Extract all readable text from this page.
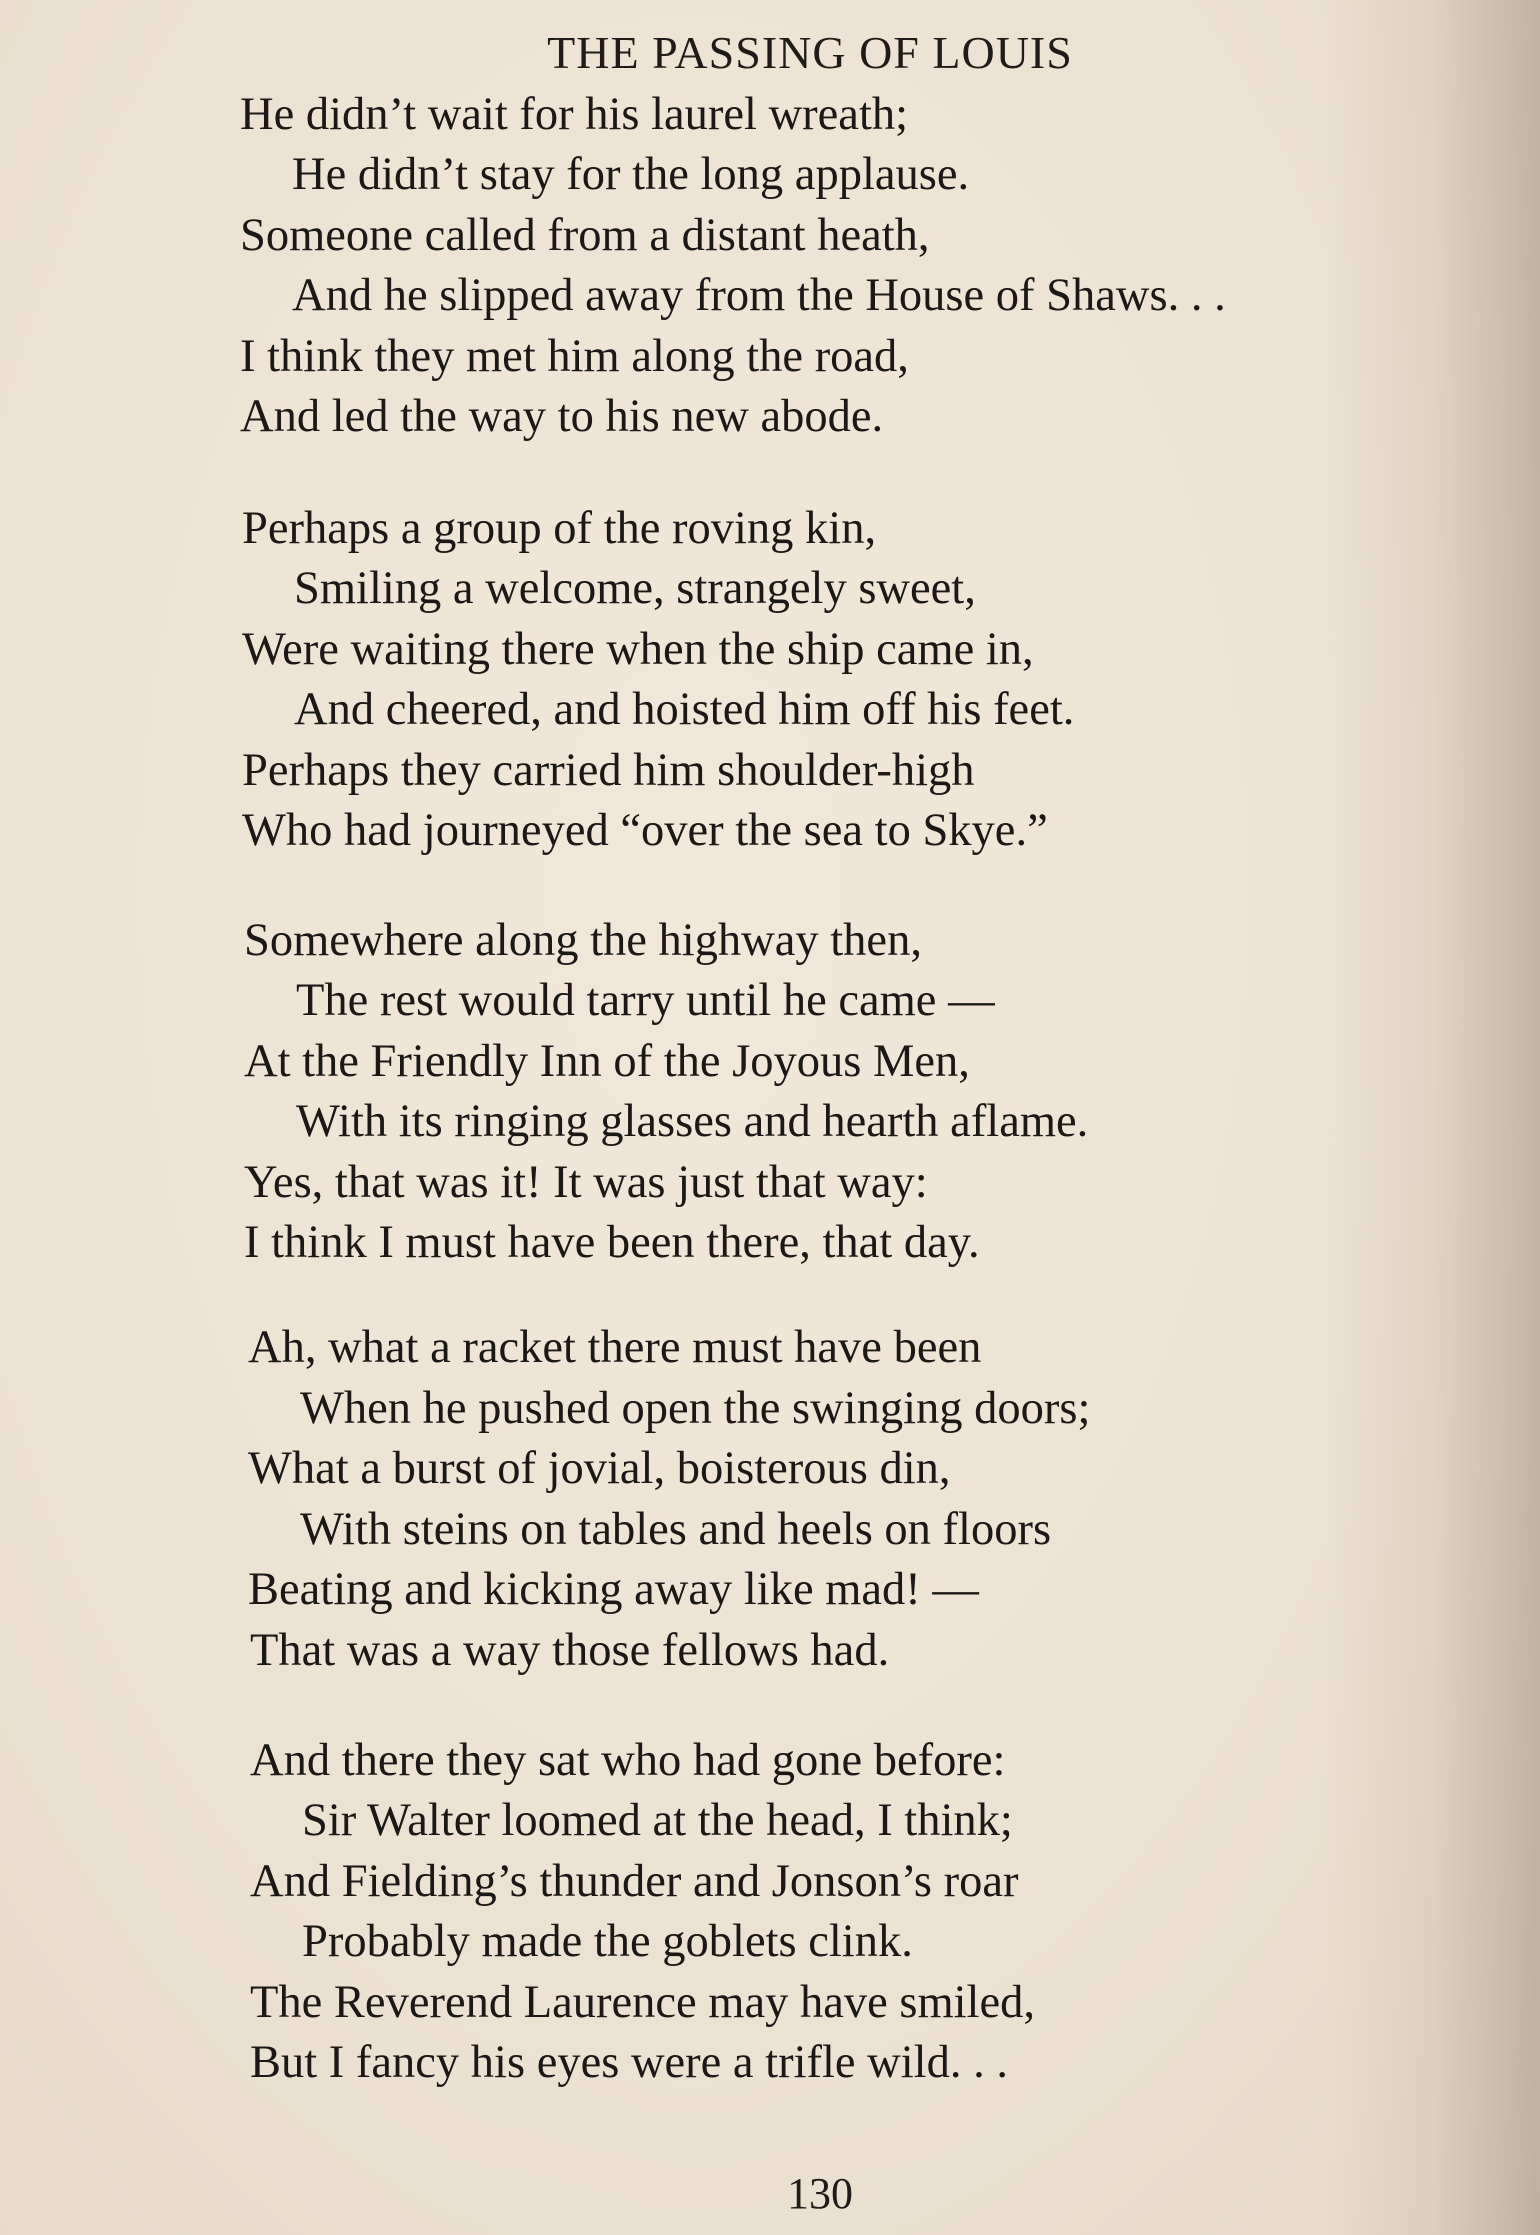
THE PASSING OF LOUIS
He didn’t wait for his laurel wreath;
He didn’t stay for the long applause.
Someone called from a distant heath,
And he slipped away from the House of Shaws. . .
I think they met him along the road,
And led the way to his new abode.
Perhaps a group of the roving kin,
Smiling a welcome, strangely sweet,
Were waiting there when the ship came in,
And cheered, and hoisted him off his feet.
Perhaps they carried him shoulder-high
Who had journeyed “over the sea to Skye.”
Somewhere along the highway then,
The rest would tarry until he came —
At the Friendly Inn of the Joyous Men,
With its ringing glasses and hearth aflame.
Yes, that was it! It was just that way:
I think I must have been there, that day.
Ah, what a racket there must have been
When he pushed open the swinging doors;
What a burst of jovial, boisterous din,
With steins on tables and heels on floors
Beating and kicking away like mad! —
That was a way those fellows had.
And there they sat who had gone before:
Sir Walter loomed at the head, I think;
And Fielding’s thunder and Jonson’s roar
Probably made the goblets clink.
The Reverend Laurence may have smiled,
But I fancy his eyes were a trifle wild. . .
130
